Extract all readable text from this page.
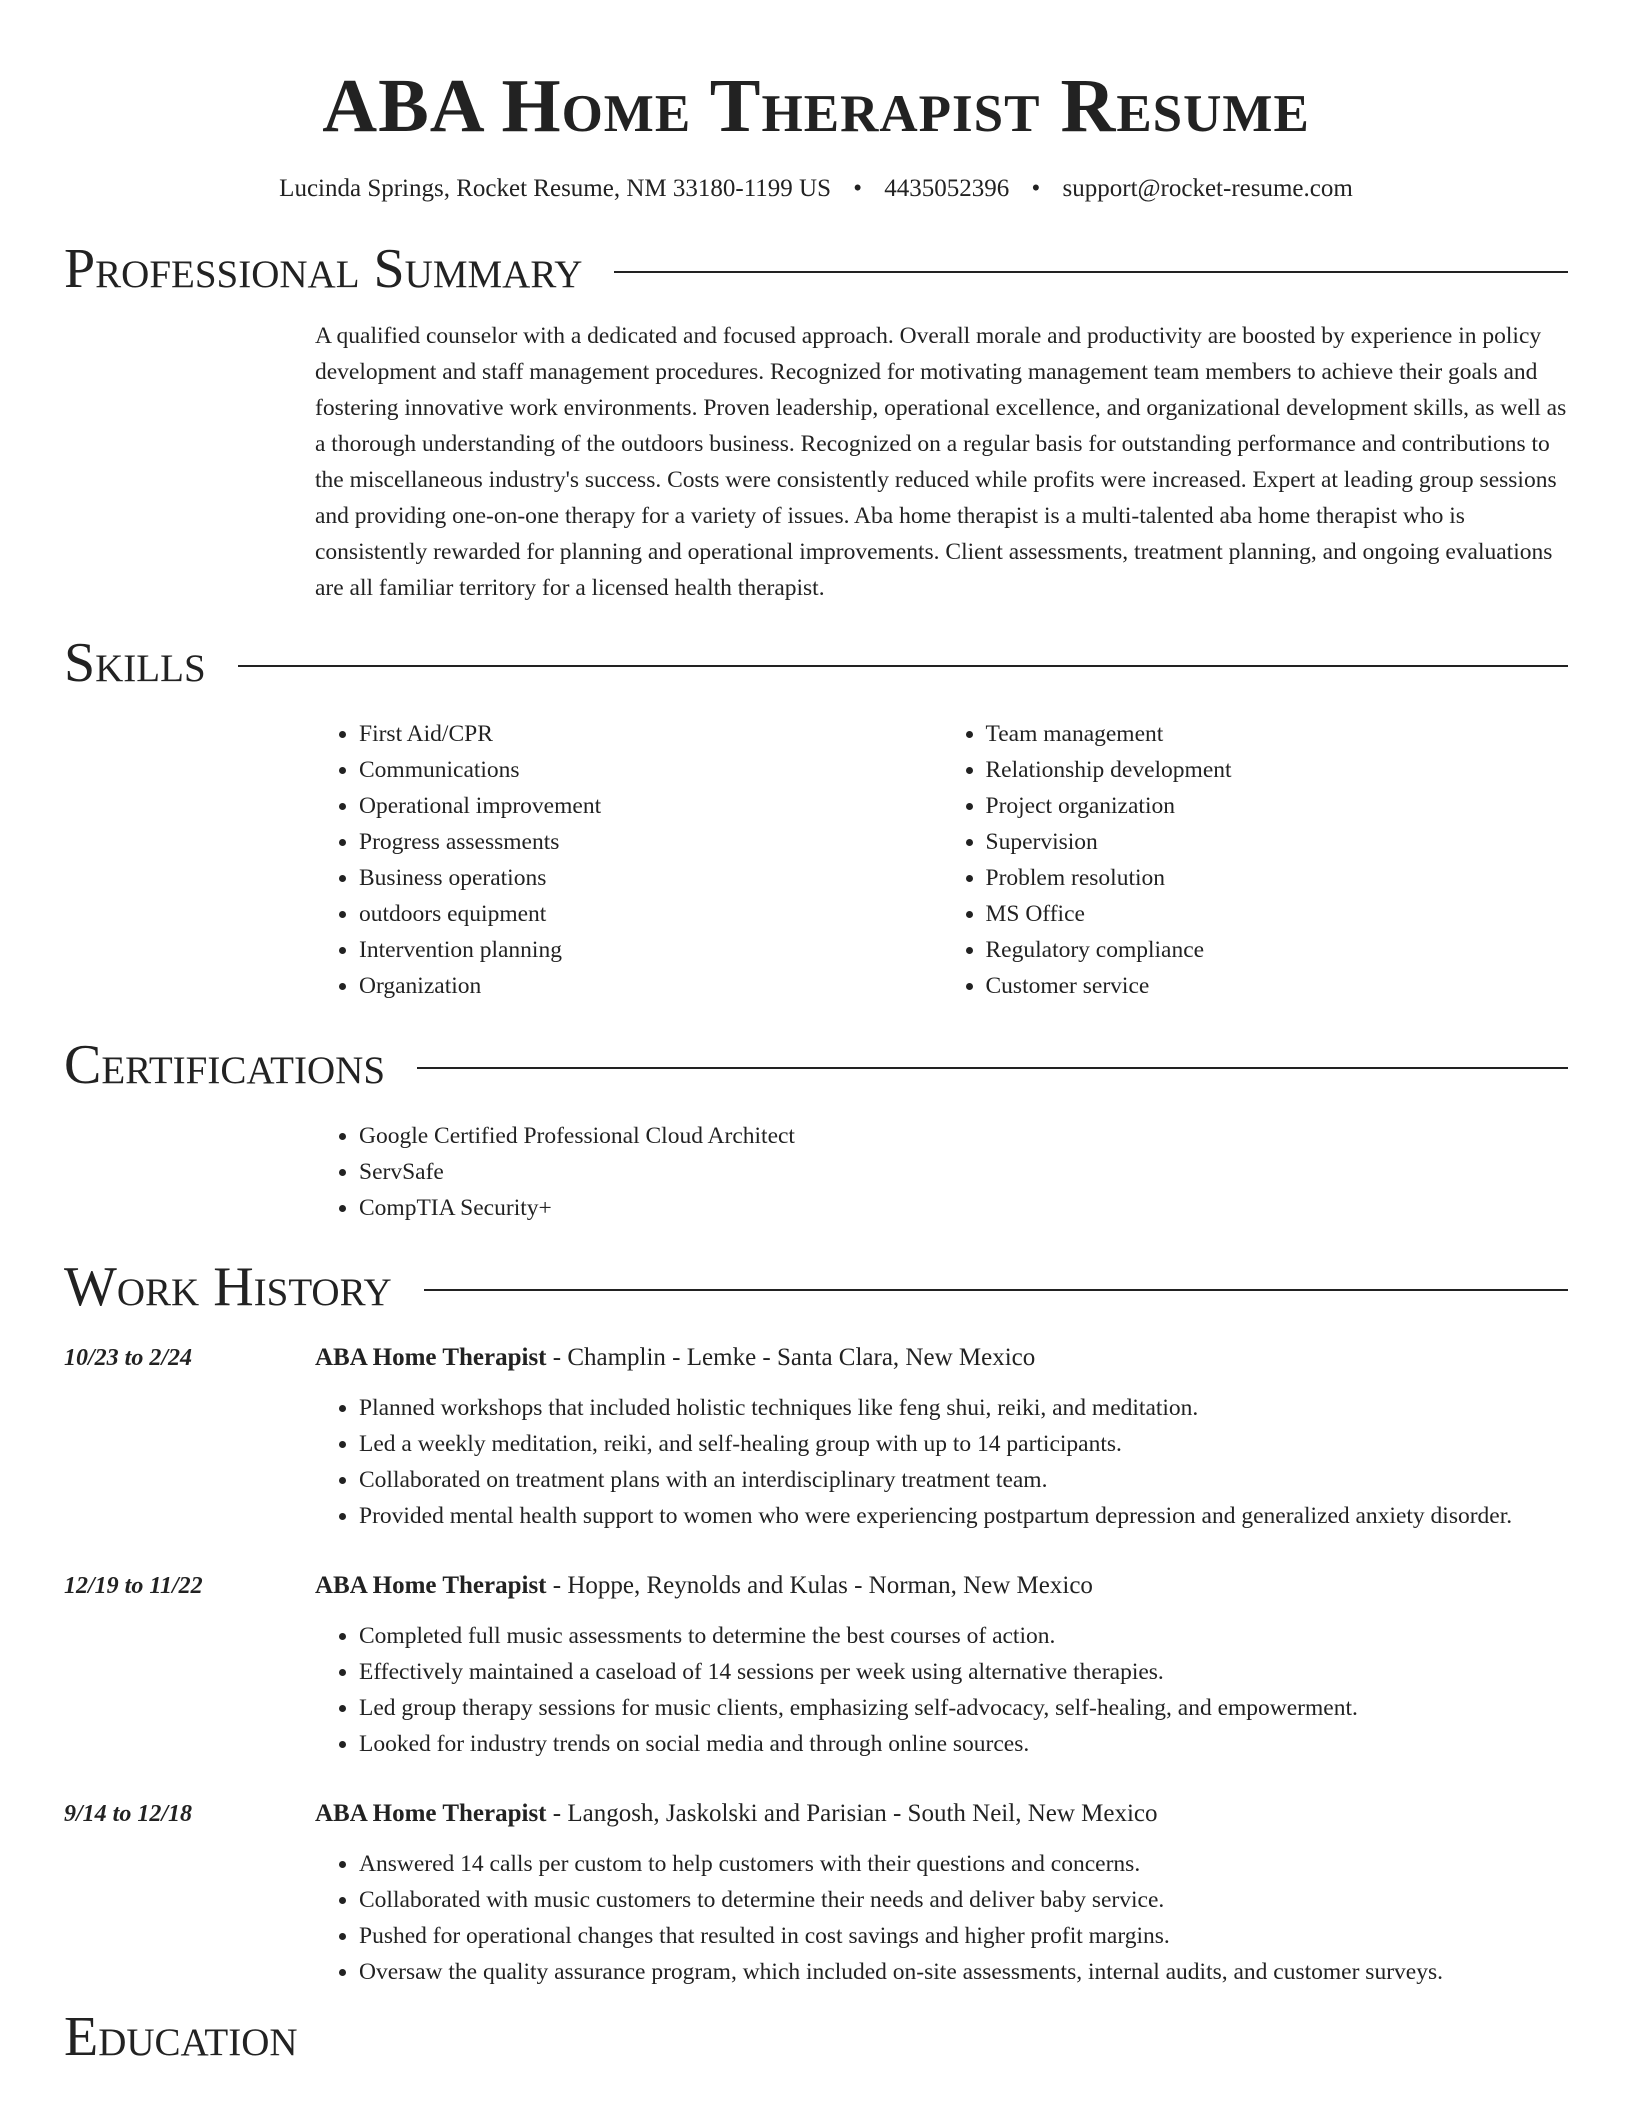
ABA Home Therapist Resume
Lucinda Springs, Rocket Resume, NM 33180-1199 US • 4435052396 • support@rocket-resume.com
Professional Summary

A qualified counselor with a dedicated and focused approach. Overall morale and productivity are boosted by experience in policy development and staff management procedures. Recognized for motivating management team members to achieve their goals and fostering innovative work environments. Proven leadership, operational excellence, and organizational development skills, as well as a thorough understanding of the outdoors business. Recognized on a regular basis for outstanding performance and contributions to the miscellaneous industry's success. Costs were consistently reduced while profits were increased. Expert at leading group sessions and providing one-on-one therapy for a variety of issues. Aba home therapist is a multi-talented aba home therapist who is consistently rewarded for planning and operational improvements. Client assessments, treatment planning, and ongoing evaluations are all familiar territory for a licensed health therapist.

Skills
• First Aid/CPR
• Communications
• Operational improvement
• Progress assessments
• Business operations
• outdoors equipment
• Intervention planning
• Organization
• Team management
• Relationship development
• Project organization
• Supervision
• Problem resolution
• MS Office
• Regulatory compliance
• Customer service
Certifications
• Google Certified Professional Cloud Architect
• ServSafe
• CompTIA Security+
Work History
10/23 to 2/24	ABA Home Therapist - Champlin - Lemke - Santa Clara, New Mexico
• Planned workshops that included holistic techniques like feng shui, reiki, and meditation.
• Led a weekly meditation, reiki, and self-healing group with up to 14 participants.
• Collaborated on treatment plans with an interdisciplinary treatment team.
• Provided mental health support to women who were experiencing postpartum depression and generalized anxiety disorder.
12/19 to 11/22	ABA Home Therapist - Hoppe, Reynolds and Kulas - Norman, New Mexico
• Completed full music assessments to determine the best courses of action.
• Effectively maintained a caseload of 14 sessions per week using alternative therapies.
• Led group therapy sessions for music clients, emphasizing self-advocacy, self-healing, and empowerment.
• Looked for industry trends on social media and through online sources.
9/14 to 12/18	ABA Home Therapist - Langosh, Jaskolski and Parisian - South Neil, New Mexico
• Answered 14 calls per custom to help customers with their questions and concerns.
• Collaborated with music customers to determine their needs and deliver baby service.
• Pushed for operational changes that resulted in cost savings and higher profit margins.
• Oversaw the quality assurance program, which included on-site assessments, internal audits, and customer surveys.
Education
